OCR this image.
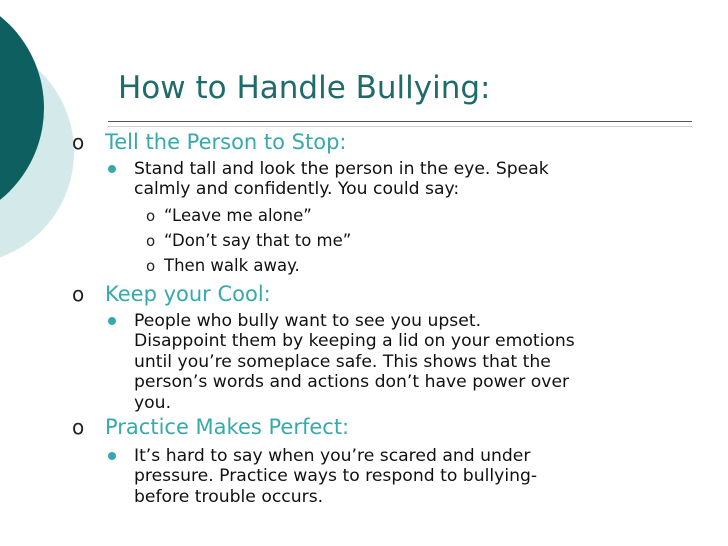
How to Handle Bullying:
ο Tell the Person to Stop:
Stand tall and look the person in the eye. Speak
calmly and confidently. You could say:
ο “Leave me alone”
ο “Don’t say that to me”
ο Then walk away.
ο Keep your Cool:
People who bully want to see you upset.
Disappoint them by keeping a lid on your emotions
until you’re someplace safe. This shows that the
person’s words and actions don’t have power over
you.
ο Practice Makes Perfect:
It’s hard to say when you’re scared and under
pressure. Practice ways to respond to bullying-
before trouble occurs.
